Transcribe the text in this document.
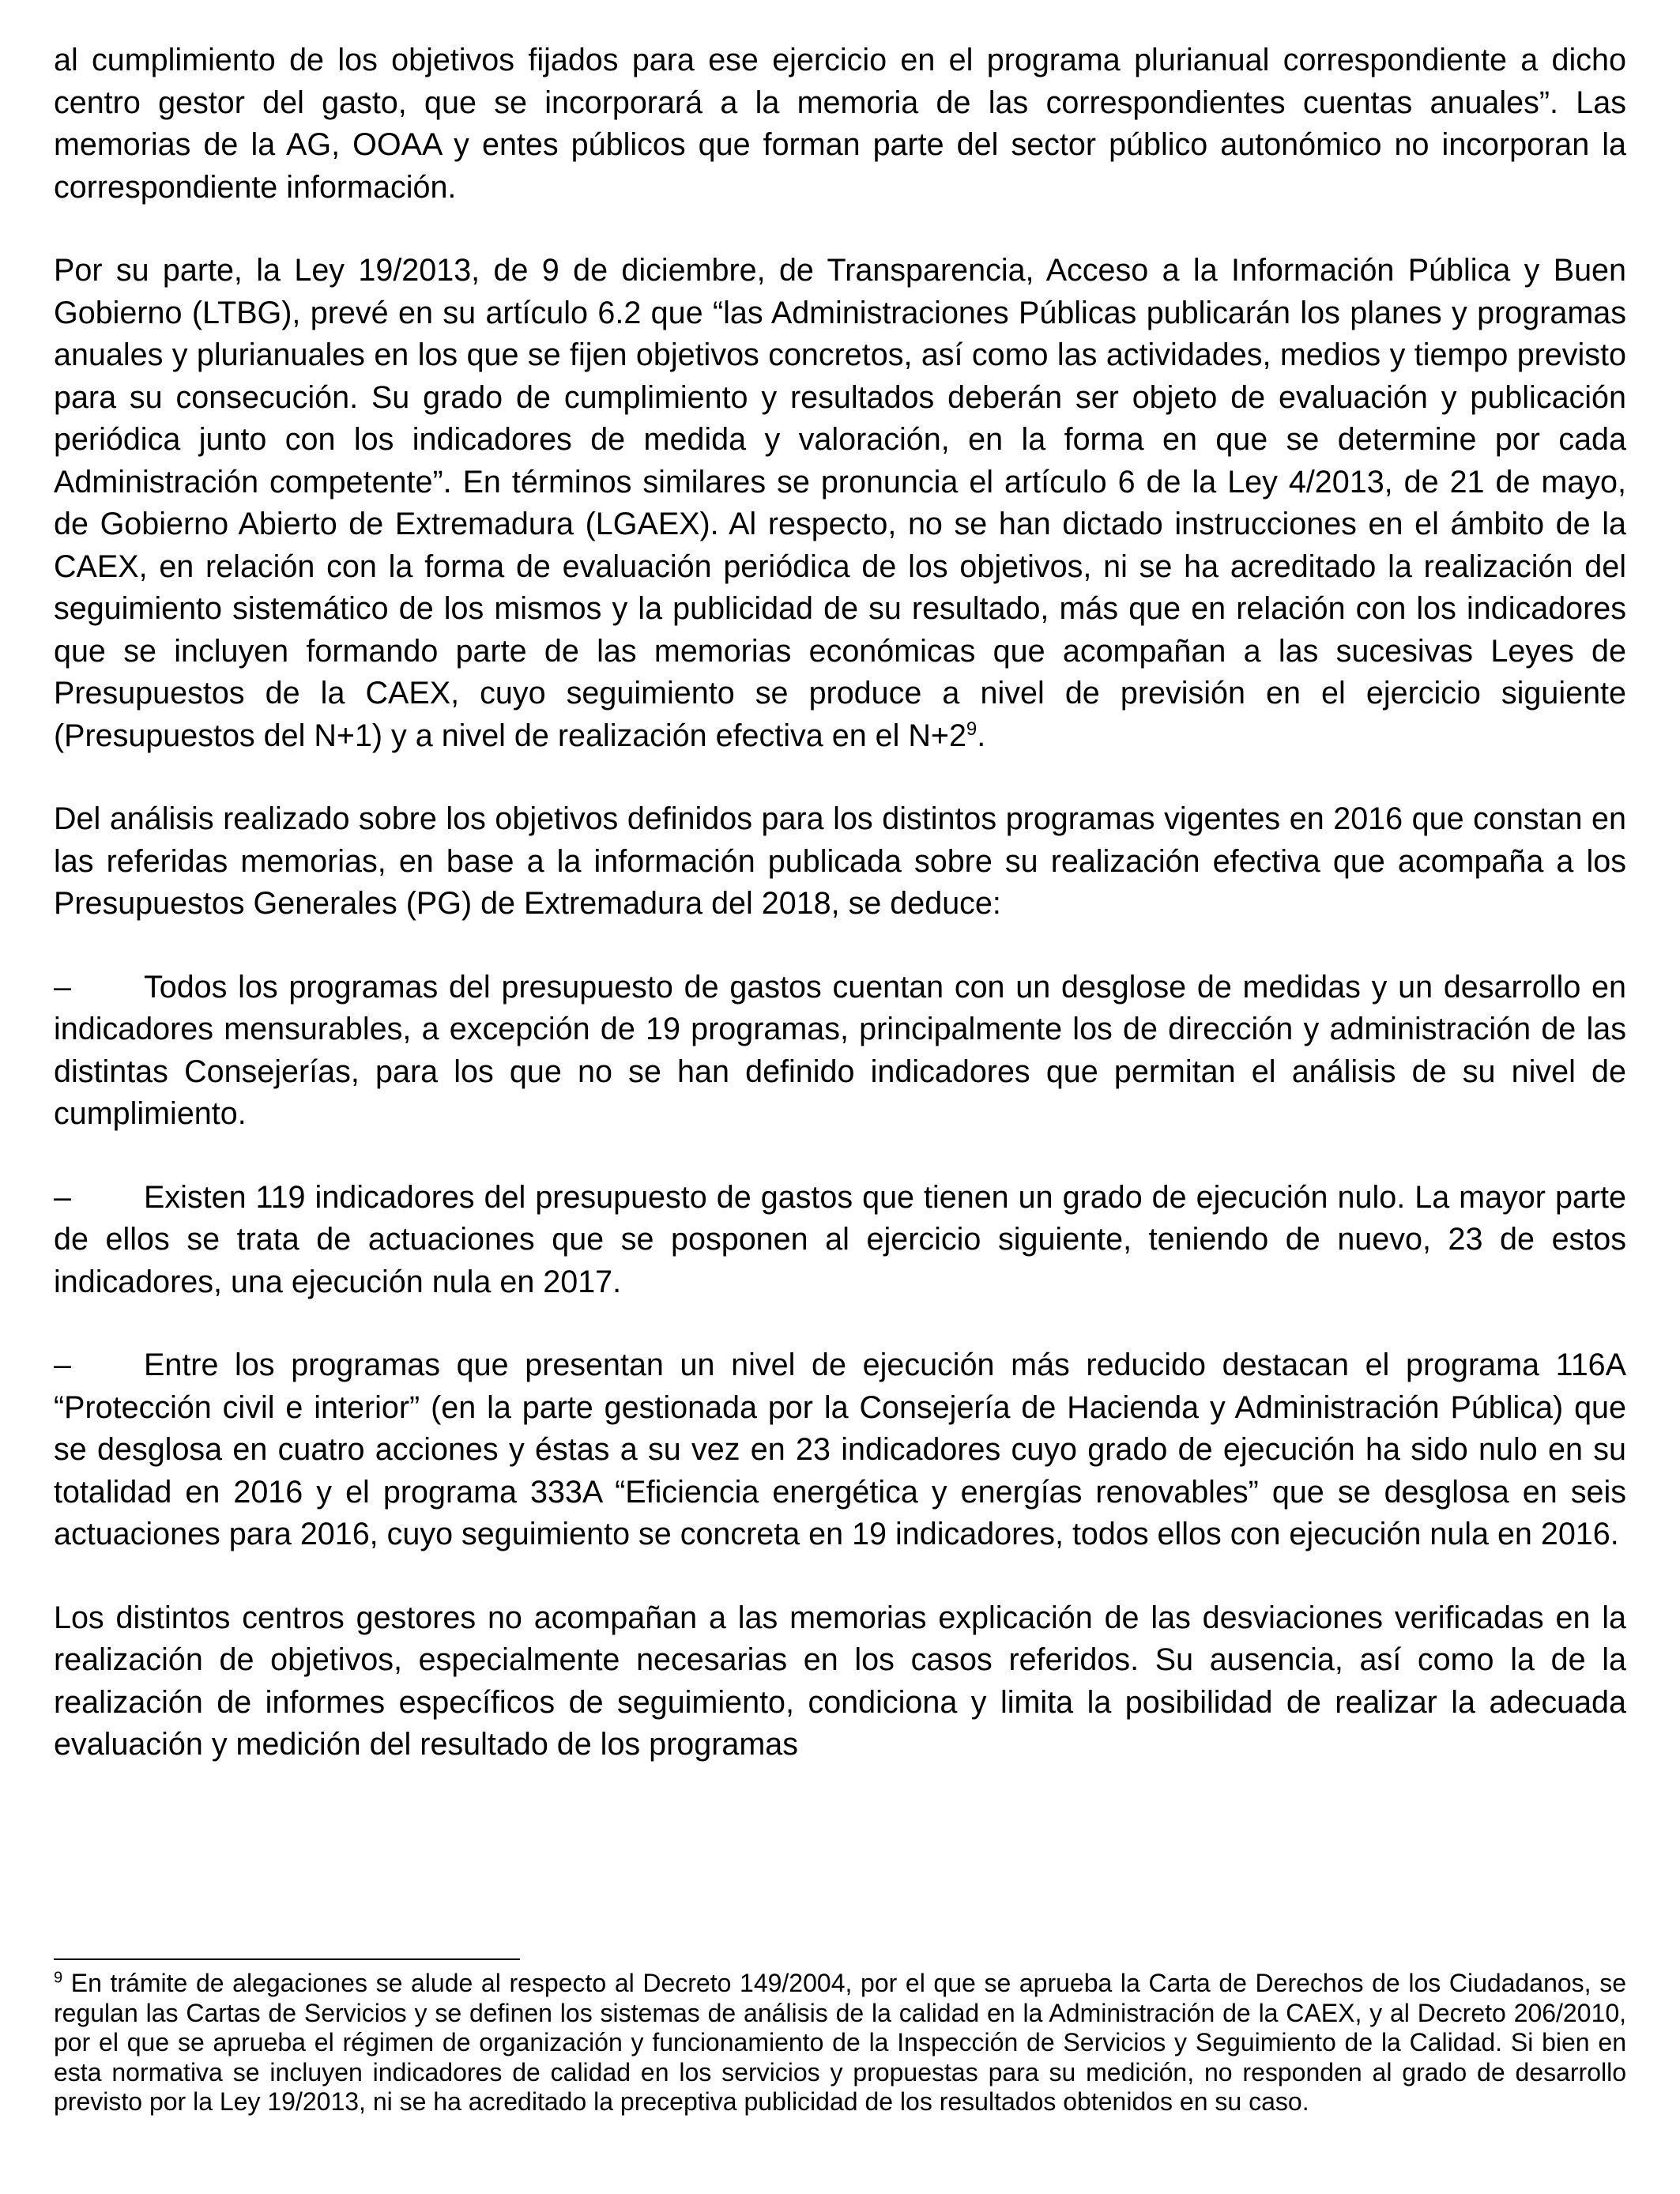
al cumplimiento de los objetivos fijados para ese ejercicio en el programa plurianual correspondiente a dicho centro gestor del gasto, que se incorporará a la memoria de las correspondientes cuentas anuales”. Las memorias de la AG, OOAA y entes públicos que forman parte del sector público autonómico no incorporan la correspondiente información.

Por su parte, la Ley 19/2013, de 9 de diciembre, de Transparencia, Acceso a la Información Pública y Buen Gobierno (LTBG), prevé en su artículo 6.2 que “las Administraciones Públicas publicarán los planes y programas anuales y plurianuales en los que se fijen objetivos concretos, así como las actividades, medios y tiempo previsto para su consecución. Su grado de cumplimiento y resultados deberán ser objeto de evaluación y publicación periódica junto con los indicadores de medida y valoración, en la forma en que se determine por cada Administración competente”. En términos similares se pronuncia el artículo 6 de la Ley 4/2013, de 21 de mayo, de Gobierno Abierto de Extremadura (LGAEX). Al respecto, no se han dictado instrucciones en el ámbito de la CAEX, en relación con la forma de evaluación periódica de los objetivos, ni se ha acreditado la realización del seguimiento sistemático de los mismos y la publicidad de su resultado, más que en relación con los indicadores que se incluyen formando parte de las memorias económicas que acompañan a las sucesivas Leyes de Presupuestos de la CAEX, cuyo seguimiento se produce a nivel de previsión en el ejercicio siguiente (Presupuestos del N+1) y a nivel de realización efectiva en el $N+2^9$.

Del análisis realizado sobre los objetivos definidos para los distintos programas vigentes en 2016 que constan en las referidas memorias, en base a la información publicada sobre su realización efectiva que acompaña a los Presupuestos Generales (PG) de Extremadura del 2018, se deduce:

– Todos los programas del presupuesto de gastos cuentan con un desglose de medidas y un desarrollo en indicadores mensurables, a excepción de 19 programas, principalmente los de dirección y administración de las distintas Consejerías, para los que no se han definido indicadores que permitan el análisis de su nivel de cumplimiento.

– Existen 119 indicadores del presupuesto de gastos que tienen un grado de ejecución nulo. La mayor parte de ellos se trata de actuaciones que se posponen al ejercicio siguiente, teniendo de nuevo, 23 de estos indicadores, una ejecución nula en 2017.

– Entre los programas que presentan un nivel de ejecución más reducido destacan el programa 116A “Protección civil e interior” (en la parte gestionada por la Consejería de Hacienda y Administración Pública) que se desglosa en cuatro acciones y éstas a su vez en 23 indicadores cuyo grado de ejecución ha sido nulo en su totalidad en 2016 y el programa 333A “Eficiencia energética y energías renovables” que se desglosa en seis actuaciones para 2016, cuyo seguimiento se concreta en 19 indicadores, todos ellos con ejecución nula en 2016.

Los distintos centros gestores no acompañan a las memorias explicación de las desviaciones verificadas en la realización de objetivos, especialmente necesarias en los casos referidos. Su ausencia, así como la de la realización de informes específicos de seguimiento, condiciona y limita la posibilidad de realizar la adecuada evaluación y medición del resultado de los programas

$^9$ En trámite de alegaciones se alude al respecto al Decreto 149/2004, por el que se aprueba la Carta de Derechos de los Ciudadanos, se regulan las Cartas de Servicios y se definen los sistemas de análisis de la calidad en la Administración de la CAEX, y al Decreto 206/2010, por el que se aprueba el régimen de organización y funcionamiento de la Inspección de Servicios y Seguimiento de la Calidad. Si bien en esta normativa se incluyen indicadores de calidad en los servicios y propuestas para su medición, no responden al grado de desarrollo previsto por la Ley 19/2013, ni se ha acreditado la preceptiva publicidad de los resultados obtenidos en su caso.
